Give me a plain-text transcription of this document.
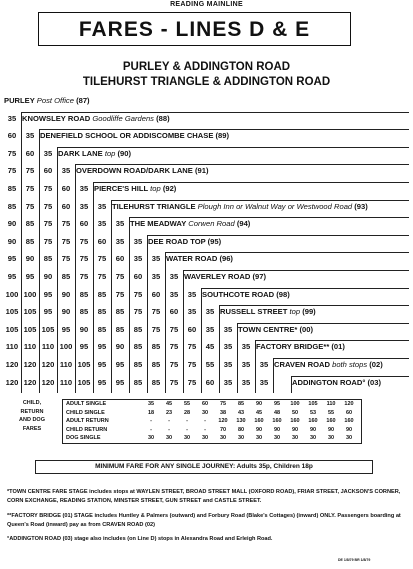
READING MAINLINE
FARES - LINES D & E
PURLEY & ADDINGTON ROAD
TILEHURST TRIANGLE & ADDINGTON ROAD
PURLEY Post Office (87)
35 KNOWSLEY ROAD Goodliffe Gardens (88)
60	35 DENEFIELD SCHOOL OR ADDISCOMBE CHASE (89)
75	60	35 DARK LANE top (90)
75	75	60	35 OVERDOWN ROAD/DARK LANE (91)
85	75	75	60	35 PIERCE'S HILL top (92)
85	75	75	60	35	35 TILEHURST TRIANGLE Plough Inn or Walnut Way or Westwood Road (93)
90	85	75	75	60	35	35 THE MEADWAY Corwen Road (94)
90	85	75	75	75	60	35	35 DEE ROAD TOP (95)
95	90	85	75	75	75	60	35	35 WATER ROAD (96)
95	95	90	85	75	75	75	60	35	35 WAVERLEY ROAD (97)
100 100 95	90	85	85	75	75	60	35	35 SOUTHCOTE ROAD (98)
105 105 95	90	85	85	85	75	75	60	35	35 RUSSELL STREET top (99)
105 105 105 95	90	85	85	85	75	75	60	35	35 TOWN CENTRE* (00)
110 110 110 100 95	95	90	85	85	75	75	45	35	35 FACTORY BRIDGE** (01)
120 120 120 110 105 95	95	85	85	75	75	55	35	35	35 CRAVEN ROAD both stops (02)
120 120 120 110 105 95	95	85	85	75	75	60	35	35	35	ADDINGTON ROAD° (03)
CHILD, RETURN AND DOG FARES
ADULT SINGLE	35	45	55	60	75	85	90	95	100	105	110	120
CHILD SINGLE	18	23	28	30	38	43	45	48	50	53	55	60
ADULT RETURN	-	-	-	-	120	130	160	160	160	160	160	160
CHILD RETURN	-	-	-	-	70	80	90	90	90	90	90	90
DOG SINGLE	30	30	30	30	30	30	30	30	30	30	30	30
MINIMUM FARE FOR ANY SINGLE JOURNEY: Adults 35p, Children 18p
*TOWN CENTRE FARE STAGE includes stops at WAYLEN STREET, BROAD STREET MALL (OXFORD ROAD), FRIAR STREET, JACKSON'S CORNER, CORN EXCHANGE, READING STATION, MINSTER STREET, GUN STREET and CASTLE STREET.
**FACTORY BRIDGE (01) STAGE includes Huntley & Palmers (outward) and Forbury Road (Blake's Cottages) (inward) ONLY. Passengers boarding at Queen's Road (inward) pay as from CRAVEN ROAD (02)
°ADDINGTON ROAD (03) stage also includes (on Line D) stops in Alexandra Road and Erleigh Road.
DE 1/8/79 BR 1/8/79
